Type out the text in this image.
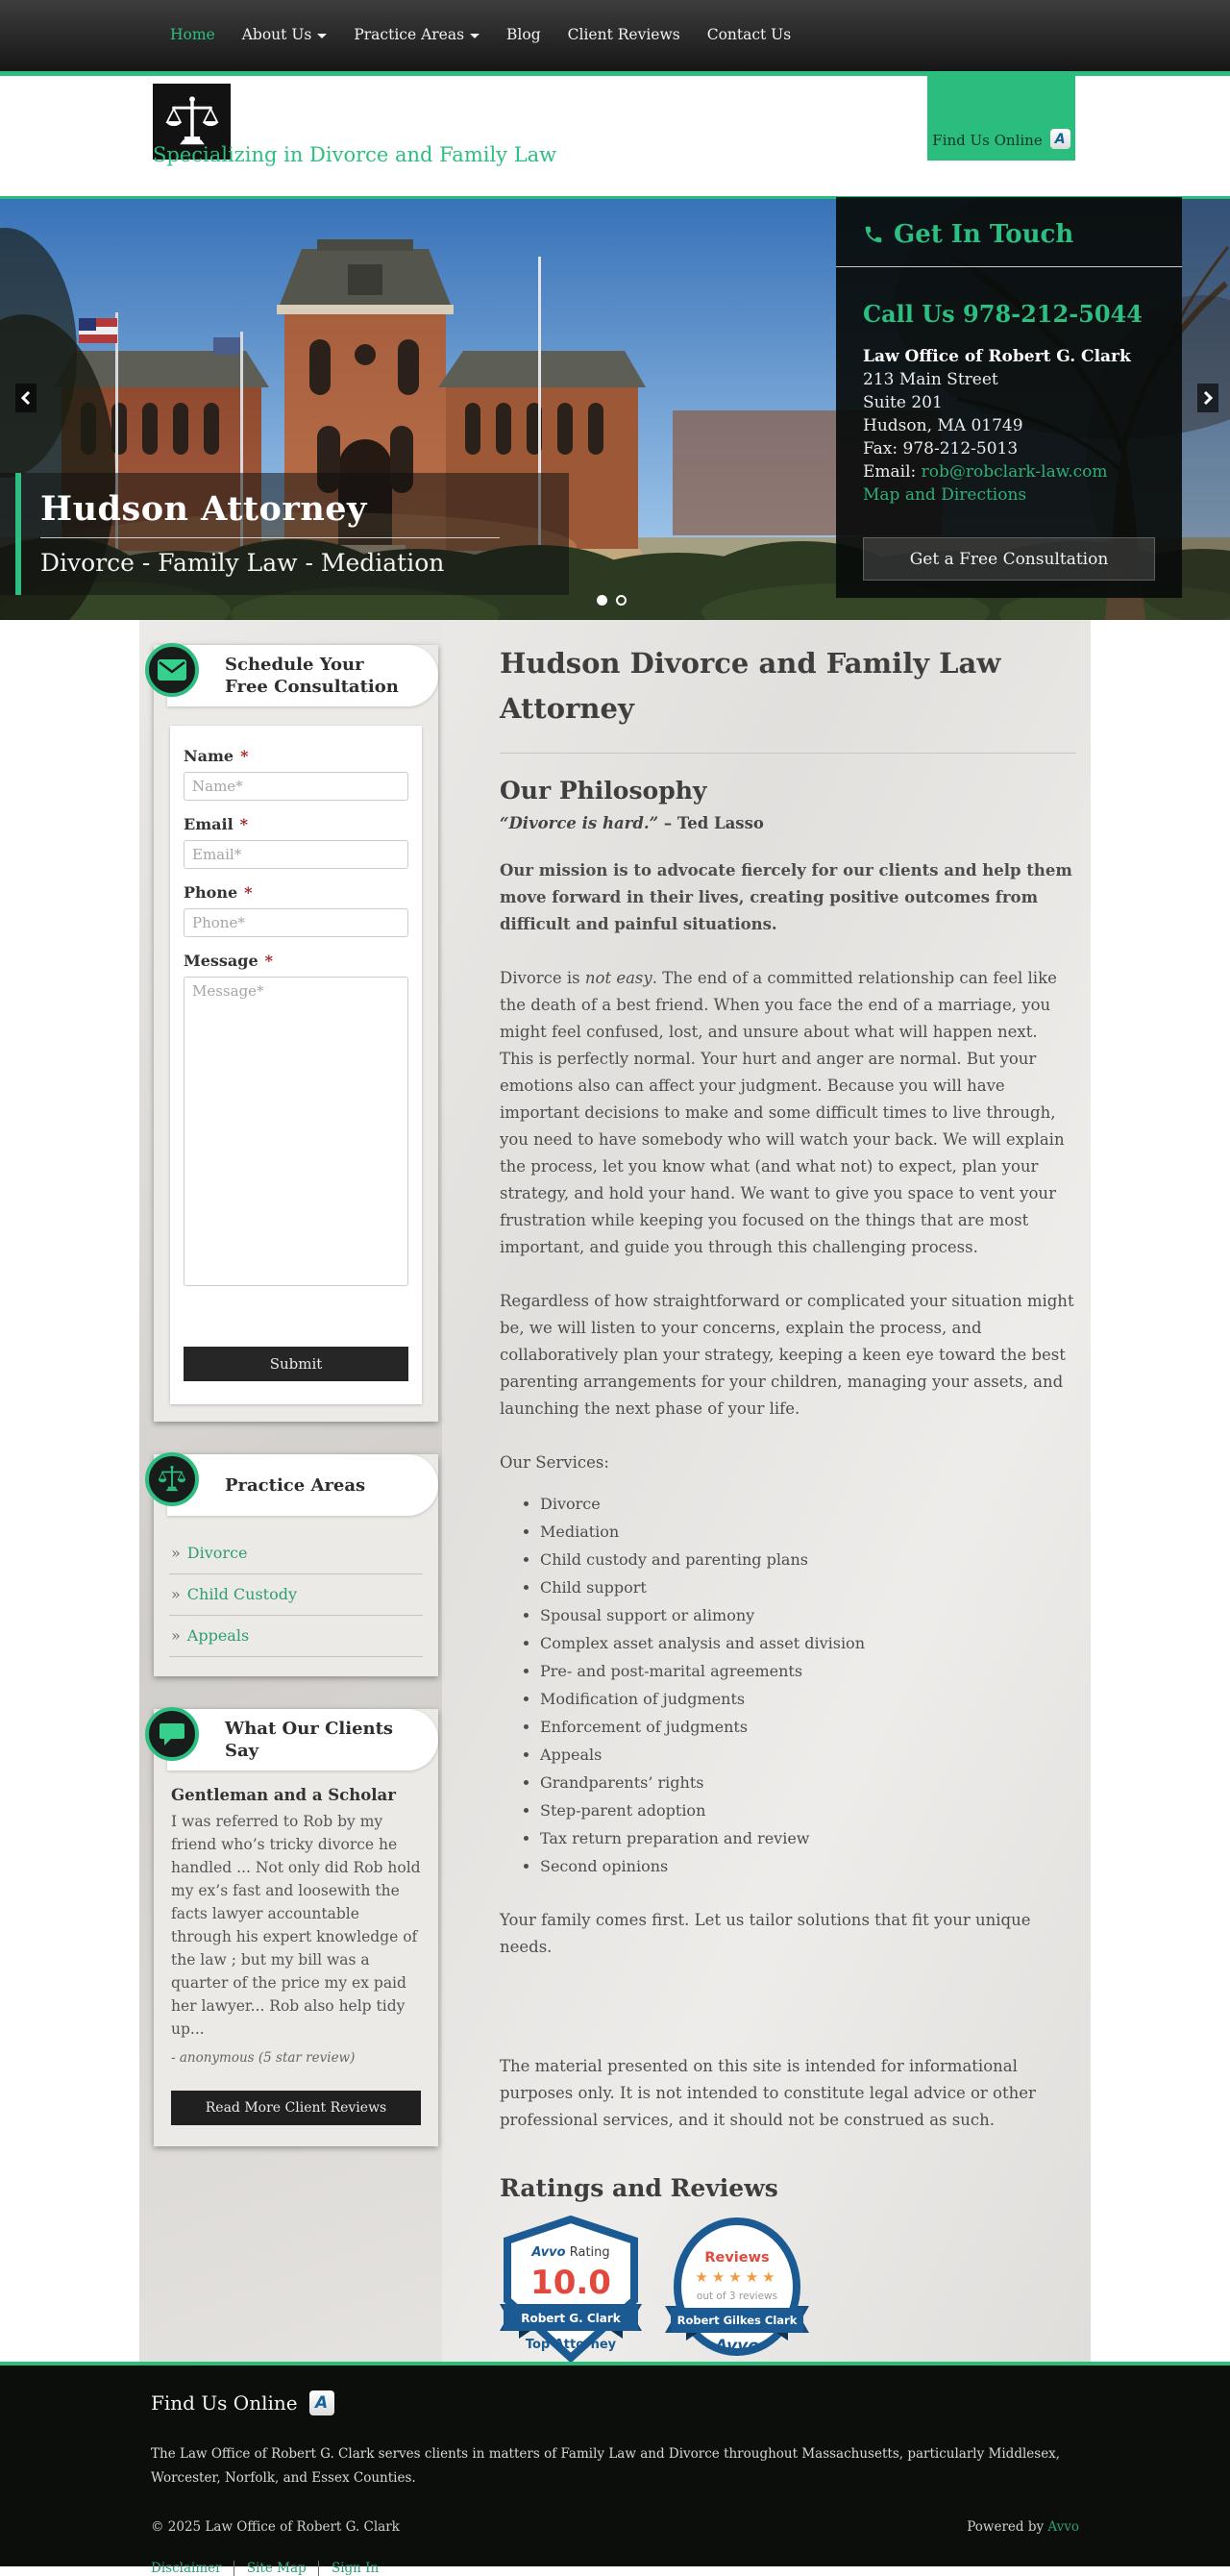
Home	About Us	Practice Areas	Blog	Client Reviews	Contact Us
Find Us Online A
Specializing in Divorce and Family Law
Hudson Attorney

Divorce - Family Law - Mediation

Get In Touch
Call Us 978-212-5044
Law Office of Robert G. Clark
213 Main Street
Suite 201
Hudson, MA 01749
Fax: 978-212-5013
Email: rob@robclark-law.com
Map and Directions
Get a Free Consultation
Schedule Your
Free Consultation
Name * Name*
Email * Email*
Phone * Phone*
Message * Message*
Submit
Practice Areas
» Divorce
» Child Custody
» Appeals
What Our Clients
Say
Gentleman and a Scholar
I was referred to Rob by my friend who’s tricky divorce he handled ... Not only did Rob hold my ex’s fast and loosewith the facts lawyer accountable through his expert knowledge of the law ; but my bill was a quarter of the price my ex paid her lawyer... Rob also help tidy up...
- anonymous (5 star review)
Read More Client Reviews
Hudson Divorce and Family Law Attorney
Our Philosophy
“Divorce is hard.” – Ted Lasso

Our mission is to advocate fiercely for our clients and help them move forward in their lives, creating positive outcomes from difficult and painful situations.

Divorce is not easy. The end of a committed relationship can feel like the death of a best friend. When you face the end of a marriage, you might feel confused, lost, and unsure about what will happen next. This is perfectly normal. Your hurt and anger are normal. But your emotions also can affect your judgment. Because you will have important decisions to make and some difficult times to live through, you need to have somebody who will watch your back. We will explain the process, let you know what (and what not) to expect, plan your strategy, and hold your hand. We want to give you space to vent your frustration while keeping you focused on the things that are most important, and guide you through this challenging process.

Regardless of how straightforward or complicated your situation might be, we will listen to your concerns, explain the process, and collaboratively plan your strategy, keeping a keen eye toward the best parenting arrangements for your children, managing your assets, and launching the next phase of your life.

Our Services:

• Divorce
• Mediation
• Child custody and parenting plans
• Child support
• Spousal support or alimony
• Complex asset analysis and asset division
• Pre- and post-marital agreements
• Modification of judgments
• Enforcement of judgments
• Appeals
• Grandparents’ rights
• Step-parent adoption
• Tax return preparation and review
• Second opinions

Your family comes first. Let us tailor solutions that fit your unique needs.

The material presented on this site is intended for informational purposes only. It is not intended to constitute legal advice or other professional services, and it should not be construed as such.

Ratings and Reviews
Avvo Rating
10.0
Robert G. Clark
Top Attorney
Reviews
★★★★★
out of 3 reviews
Robert Gilkes Clark
Avvo
Find Us Online A

The Law Office of Robert G. Clark serves clients in matters of Family Law and Divorce throughout Massachusetts, particularly Middlesex, Worcester, Norfolk, and Essex Counties.

© 2025 Law Office of Robert G. Clark	Powered by Avvo
Disclaimer Site Map Sign In
